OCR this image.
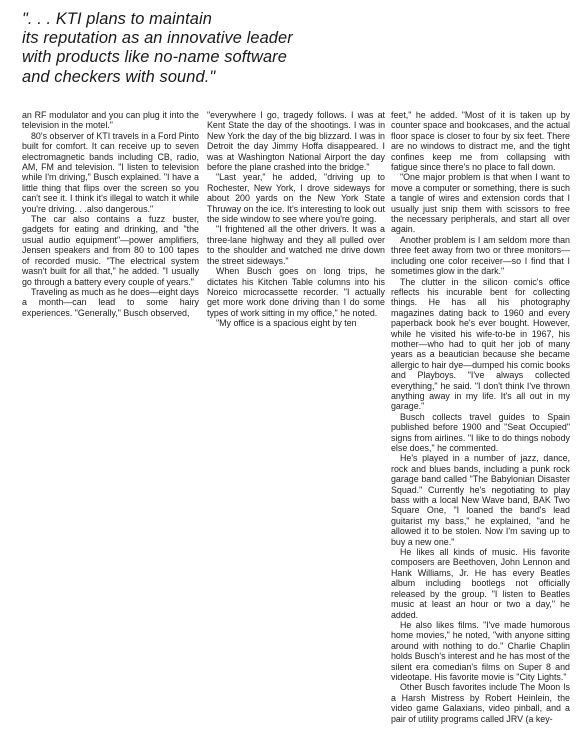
". . . KTI plans to maintain
its reputation as an innovative leader
with products like no-name software
and checkers with sound."

an RF modulator and you can plug it into the television in the motel."

80's observer of KTI travels in a Ford Pinto built for comfort. It can receive up to seven electromagnetic bands including CB, radio, AM, FM and television. "I listen to television while I'm driving," Busch explained. "I have a little thing that flips over the screen so you can't see it. I think it's illegal to watch it while you're driving. . .also dangerous."

The car also contains a fuzz buster, gadgets for eating and drinking, and "the usual audio equipment"—power amplifiers, Jensen speakers and from 80 to 100 tapes of recorded music. "The electrical system wasn't built for all that," he added. "I usually go through a battery every couple of years."

Traveling as much as he does—eight days a month—can lead to some hairy experiences. "Generally," Busch observed,

"everywhere I go, tragedy follows. I was at Kent State the day of the shootings. I was in New York the day of the big blizzard. I was in Detroit the day Jimmy Hoffa disappeared. I was at Washington National Airport the day before the plane crashed into the bridge."

"Last year," he added, "driving up to Rochester, New York, I drove sideways for about 200 yards on the New York State Thruway on the ice. It's interesting to look out the side window to see where you're going.

"I frightened all the other drivers. It was a three-lane highway and they all pulled over to the shoulder and watched me drive down the street sideways."

When Busch goes on long trips, he dictates his Kitchen Table columns into his Noreico microcassette recorder. "I actually get more work done driving than I do some types of work sitting in my office," he noted.

"My office is a spacious eight by ten

feet," he added. "Most of it is taken up by counter space and bookcases, and the actual floor space is closer to four by six feet. There are no windows to distract me, and the tight confines keep me from collapsing with fatigue since there's no place to fall down.

"One major problem is that when I want to move a computer or something, there is such a tangle of wires and extension cords that I usually just snip them with scissors to free the necessary peripherals, and start all over again.

Another problem is I am seldom more than three feet away from two or three monitors—including one color receiver—so I find that I sometimes glow in the dark."

The clutter in the silicon comic's office reflects his incurable bent for collecting things. He has all his photography magazines dating back to 1960 and every paperback book he's ever bought. However, while he visited his wife-to-be in 1967, his mother—who had to quit her job of many years as a beautician because she became allergic to hair dye—dumped his comic books and Playboys. "I've always collected everything," he said. "I don't think I've thrown anything away in my life. It's all out in my garage."

Busch collects travel guides to Spain published before 1900 and "Seat Occupied" signs from airlines. "I like to do things nobody else does," he commented.

He's played in a number of jazz, dance, rock and blues bands, including a punk rock garage band called "The Babylonian Disaster Squad." Currently he's negotiating to play bass with a local New Wave band, BAK Two Square One, "I loaned the band's lead guitarist my bass," he explained, "and he allowed it to be stolen. Now I'm saving up to buy a new one."

He likes all kinds of music. His favorite composers are Beethoven, John Lennon and Hank Williams, Jr. He has every Beatles album including bootlegs not officially released by the group. "I listen to Beatles music at least an hour or two a day," he added.

He also likes films. "I've made humorous home movies," he noted, "with anyone sitting around with nothing to do." Charlie Chaplin holds Busch's interest and he has most of the silent era comedian's films on Super 8 and videotape. His favorite movie is "City Lights."

Other Busch favorites include The Moon Is a Harsh Mistress by Robert Heinlein, the video game Galaxians, video pinball, and a pair of utility programs called JRV (a key-
